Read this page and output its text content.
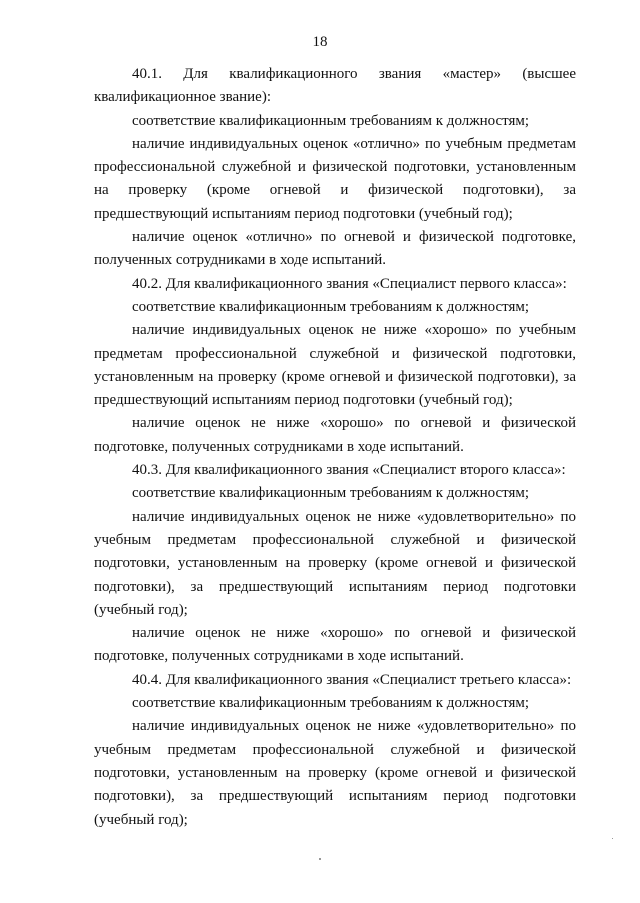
18

40.1. Для квалификационного звания «мастер» (высшее квалификационное звание):

соответствие квалификационным требованиям к должностям;

наличие индивидуальных оценок «отлично» по учебным предметам профессиональной служебной и физической подготовки, установленным на проверку (кроме огневой и физической подготовки), за предшествующий испытаниям период подготовки (учебный год);

наличие оценок «отлично» по огневой и физической подготовке, полученных сотрудниками в ходе испытаний.

40.2. Для квалификационного звания «Специалист первого класса»:

соответствие квалификационным требованиям к должностям;

наличие индивидуальных оценок не ниже «хорошо» по учебным предметам профессиональной служебной и физической подготовки, установленным на проверку (кроме огневой и физической подготовки), за предшествующий испытаниям период подготовки (учебный год);

наличие оценок не ниже «хорошо» по огневой и физической подготовке, полученных сотрудниками в ходе испытаний.

40.3. Для квалификационного звания «Специалист второго класса»:

соответствие квалификационным требованиям к должностям;

наличие индивидуальных оценок не ниже «удовлетворительно» по учебным предметам профессиональной служебной и физической подготовки, установленным на проверку (кроме огневой и физической подготовки), за предшествующий испытаниям период подготовки (учебный год);

наличие оценок не ниже «хорошо» по огневой и физической подготовке, полученных сотрудниками в ходе испытаний.

40.4. Для квалификационного звания «Специалист третьего класса»:

соответствие квалификационным требованиям к должностям;

наличие индивидуальных оценок не ниже «удовлетворительно» по учебным предметам профессиональной служебной и физической подготовки, установленным на проверку (кроме огневой и физической подготовки), за предшествующий испытаниям период подготовки (учебный год);
